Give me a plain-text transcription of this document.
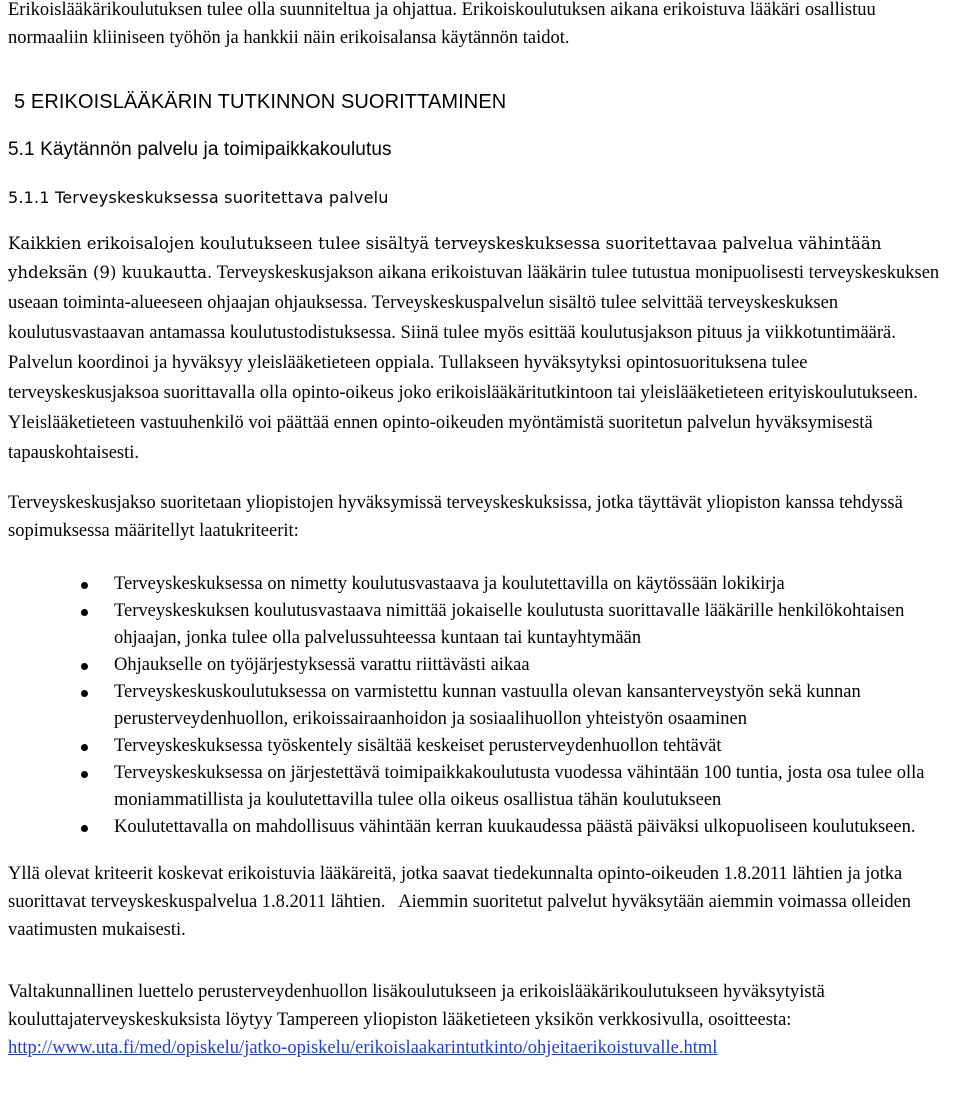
Erikoislääkärikoulutuksen tulee olla suunniteltua ja ohjattua. Erikoiskoulutuksen aikana erikoistuva lääkäri osallistuu normaaliin kliiniseen työhön ja hankkii näin erikoisalansa käytännön taidot.

5 ERIKOISLÄÄKÄRIN TUTKINNON SUORITTAMINEN

5.1 Käytännön palvelu ja toimipaikkakoulutus

5.1.1 Terveyskeskuksessa suoritettava palvelu

Kaikkien erikoisalojen koulutukseen tulee sisältyä terveyskeskuksessa suoritettavaa palvelua vähintään yhdeksän (9) kuukautta. Terveyskeskusjakson aikana erikoistuvan lääkärin tulee tutustua monipuolisesti terveyskeskuksen useaan toiminta-alueeseen ohjaajan ohjauksessa. Terveyskeskuspalvelun sisältö tulee selvittää terveyskeskuksen koulutusvastaavan antamassa koulutustodistuksessa. Siinä tulee myös esittää koulutusjakson pituus ja viikkotuntimäärä. Palvelun koordinoi ja hyväksyy yleislääketieteen oppiala. Tullakseen hyväksytyksi opintosuorituksena tulee terveyskeskusjaksoa suorittavalla olla opinto-oikeus joko erikoislääkäritutkintoon tai yleislääketieteen erityiskoulutukseen. Yleislääketieteen vastuuhenkilö voi päättää ennen opinto-oikeuden myöntämistä suoritetun palvelun hyväksymisestä tapauskohtaisesti.

Terveyskeskusjakso suoritetaan yliopistojen hyväksymissä terveyskeskuksissa, jotka täyttävät yliopiston kanssa tehdyssä sopimuksessa määritellyt laatukriteerit:

Terveyskeskuksessa on nimetty koulutusvastaava ja koulutettavilla on käytössään lokikirja
Terveyskeskuksen koulutusvastaava nimittää jokaiselle koulutusta suorittavalle lääkärille henkilökohtaisen ohjaajan, jonka tulee olla palvelussuhteessa kuntaan tai kuntayhtymään
Ohjaukselle on työjärjestyksessä varattu riittävästi aikaa
Terveyskeskuskoulutuksessa on varmistettu kunnan vastuulla olevan kansanterveystyön sekä kunnan perusterveydenhuollon, erikoissairaanhoidon ja sosiaalihuollon yhteistyön osaaminen
Terveyskeskuksessa työskentely sisältää keskeiset perusterveydenhuollon tehtävät
Terveyskeskuksessa on järjestettävä toimipaikkakoulutusta vuodessa vähintään 100 tuntia, josta osa tulee olla moniammatillista ja koulutettavilla tulee olla oikeus osallistua tähän koulutukseen
Koulutettavalla on mahdollisuus vähintään kerran kuukaudessa päästä päiväksi ulkopuoliseen koulutukseen.

Yllä olevat kriteerit koskevat erikoistuvia lääkäreitä, jotka saavat tiedekunnalta opinto-oikeuden 1.8.2011 lähtien ja jotka suorittavat terveyskeskuspalvelua 1.8.2011 lähtien.   Aiemmin suoritetut palvelut hyväksytään aiemmin voimassa olleiden vaatimusten mukaisesti.

Valtakunnallinen luettelo perusterveydenhuollon lisäkoulutukseen ja erikoislääkärikoulutukseen hyväksytyistä kouluttajaterveyskeskuksista löytyy Tampereen yliopiston lääketieteen yksikön verkkosivulla, osoitteesta:
http://www.uta.fi/med/opiskelu/jatko-opiskelu/erikoislaakarintutkinto/ohjeitaerikoistuvalle.html
